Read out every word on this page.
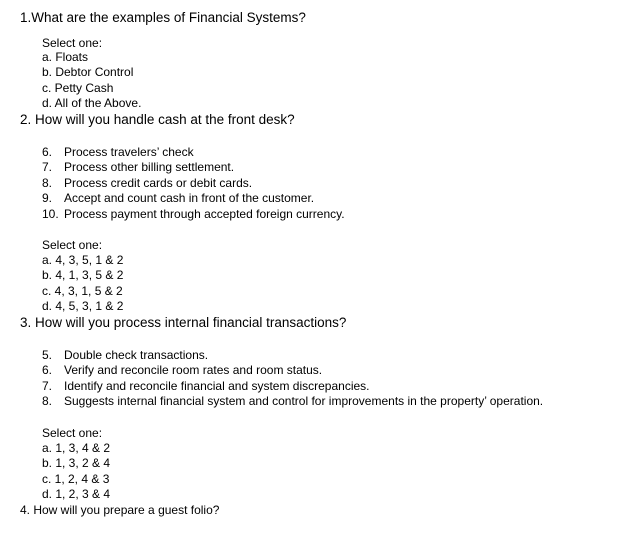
1.What are the examples of Financial Systems?
Select one:
a. Floats
b. Debtor Control
c. Petty Cash
d. All of the Above.
2. How will you handle cash at the front desk?
6. Process travelers’ check
7. Process other billing settlement.
8. Process credit cards or debit cards.
9. Accept and count cash in front of the customer.
10. Process payment through accepted foreign currency.
Select one:
a. 4, 3, 5, 1 & 2
b. 4, 1, 3, 5 & 2
c. 4, 3, 1, 5 & 2
d. 4, 5, 3, 1 & 2
3. How will you process internal financial transactions?
5. Double check transactions.
6. Verify and reconcile room rates and room status.
7. Identify and reconcile financial and system discrepancies.
8. Suggests internal financial system and control for improvements in the property’ operation.
Select one:
a. 1, 3, 4 & 2
b. 1, 3, 2 & 4
c. 1, 2, 4 & 3
d. 1, 2, 3 & 4
4. How will you prepare a guest folio?
